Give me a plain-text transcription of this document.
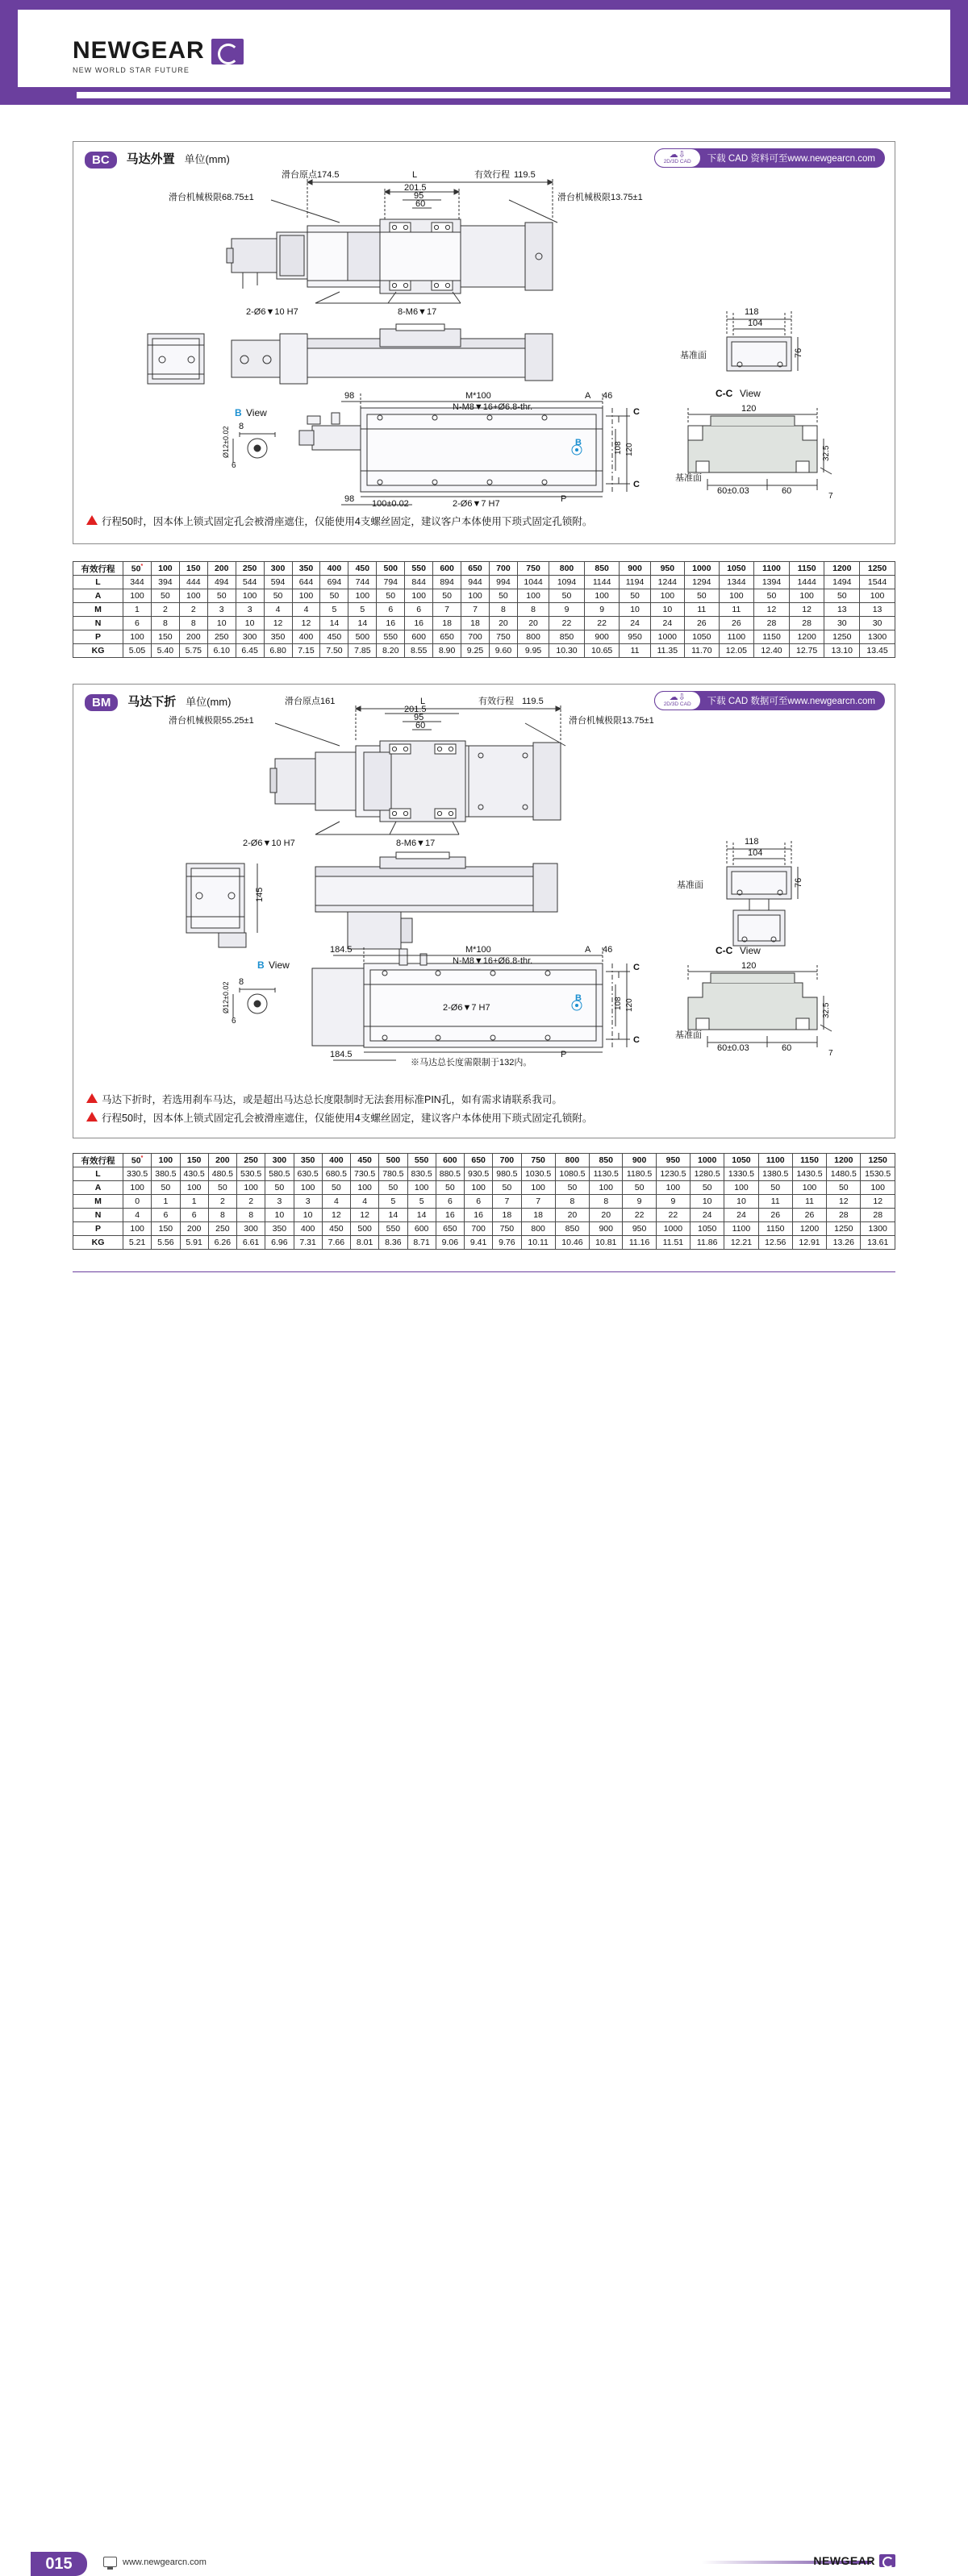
NEWGEAR
NEW WORLD STAR FUTURE
BC 马达外置 单位(mm)	☁⇩
2D/3D CAD 下载 CAD 资料可至www.newgearcn.com
滑台原点174.5	L	有效行程 119.5
滑台机械极限68.75±1	滑台机械极限13.75±1
201.5
95
60
2-Ø6▼10 H7	8-M6▼17	118
104
76
基准面
98	M*100
N-M8▼16+Ø6.8-thr.
A 46
C
C
108 120
B
98 100±0.02	2-Ø6▼7 H7	P
8
Ø12±0.02
6
B View	120
60±0.03	60
7
32.5
基准面
C-C View
行程50时，因本体上锁式固定孔会被滑座遮住，仅能使用4支螺丝固定，建议客户本体使用下琐式固定孔锁附。
有效行程	50*	100	150	200	250	300	350	400	450	500	550	600	650	700	750	800	850	900	950	1000	1050	1100	1150	1200	1250
L	344	394	444	494	544	594	644	694	744	794	844	894	944	994	1044	1094	1144	1194	1244	1294	1344	1394	1444	1494	1544
A	100	50	100	50	100	50	100	50	100	50	100	50	100	50	100	50	100	50	100	50	100	50	100	50	100
M	1	2	2	3	3	4	4	5	5	6	6	7	7	8	8	9	9	10	10	11	11	12	12	13	13
N	6	8	8	10	10	12	12	14	14	16	16	18	18	20	20	22	22	24	24	26	26	28	28	30	30
P	100	150	200	250	300	350	400	450	500	550	600	650	700	750	800	850	900	950	1000	1050	1100	1150	1200	1250	1300
KG	5.05	5.40	5.75	6.10	6.45	6.80	7.15	7.50	7.85	8.20	8.55	8.90	9.25	9.60	9.95	10.30	10.65	11	11.35	11.70	12.05	12.40	12.75	13.10	13.45
BM 马达下折 单位(mm)	☁⇩
2D/3D CAD 下载 CAD 数据可至www.newgearcn.com
滑台原点161	L	有效行程 119.5
滑台机械极限55.25±1	滑台机械极限13.75±1
201.5
95
60
2-Ø6▼10 H7	8-M6▼17
145
118
104
76
基准面
184.5	M*100
N-M8▼16+Ø6.8-thr.
A 46
C
C
108 120
B
2-Ø6▼7 H7
184.5	P
※马达总长度需限制于132内。
8
Ø12±0.02
6
B View	120
60±0.03	60
7
32.5
基准面
C-C View
马达下折时，若选用刹车马达，或是超出马达总长度限制时无法套用标准PIN孔，如有需求请联系我司。
行程50时，因本体上锁式固定孔会被滑座遮住，仅能使用4支螺丝固定，建议客户本体使用下琐式固定孔锁附。
有效行程	50*	100	150	200	250	300	350	400	450	500	550	600	650	700	750	800	850	900	950	1000	1050	1100	1150	1200	1250
L	330.5	380.5	430.5	480.5	530.5	580.5	630.5	680.5	730.5	780.5	830.5	880.5	930.5	980.5	1030.5	1080.5	1130.5	1180.5	1230.5	1280.5	1330.5	1380.5	1430.5	1480.5	1530.5
A	100	50	100	50	100	50	100	50	100	50	100	50	100	50	100	50	100	50	100	50	100	50	100	50	100
M	0	1	1	2	2	3	3	4	4	5	5	6	6	7	7	8	8	9	9	10	10	11	11	12	12
N	4	6	6	8	8	10	10	12	12	14	14	16	16	18	18	20	20	22	22	24	24	26	26	28	28
P	100	150	200	250	300	350	400	450	500	550	600	650	700	750	800	850	900	950	1000	1050	1100	1150	1200	1250	1300
KG	5.21	5.56	5.91	6.26	6.61	6.96	7.31	7.66	8.01	8.36	8.71	9.06	9.41	9.76	10.11	10.46	10.81	11.16	11.51	11.86	12.21	12.56	12.91	13.26	13.61
015	www.newgearcn.com	NEWGEAR
